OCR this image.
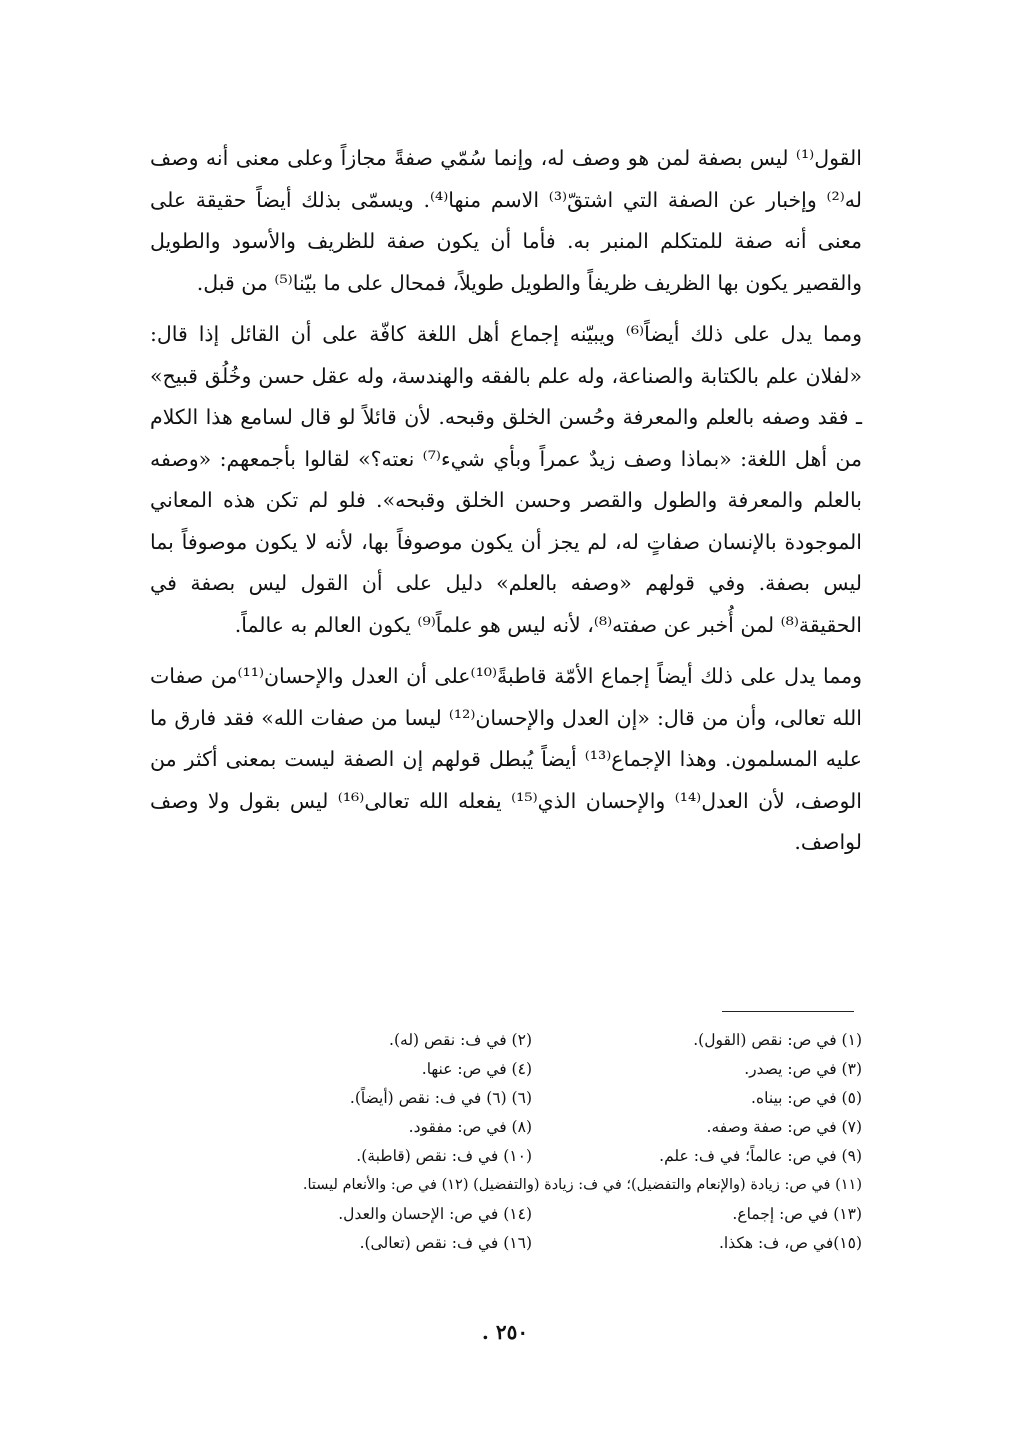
القول⁽¹⁾ ليس بصفة لمن هو وصف له، وإنما سُمّي صفةً مجازاً وعلى معنى أنه وصف له⁽²⁾ وإخبار عن الصفة التي اشتقّ⁽³⁾ الاسم منها⁽⁴⁾. ويسمّى بذلك أيضاً حقيقة على معنى أنه صفة للمتكلم المنبر به. فأما أن يكون صفة للظريف والأسود والطويل والقصير يكون بها الظريف ظريفاً والطويل طويلاً، فمحال على ما بيّنا⁽⁵⁾ من قبل.

ومما يدل على ذلك أيضاً⁽⁶⁾ ويبيّنه إجماع أهل اللغة كافّة على أن القائل إذا قال: «لفلان علم بالكتابة والصناعة، وله علم بالفقه والهندسة، وله عقل حسن وخُلُق قبيح» ـ فقد وصفه بالعلم والمعرفة وحُسن الخلق وقبحه. لأن قائلاً لو قال لسامع هذا الكلام من أهل اللغة: «بماذا وصف زيدٌ عمراً وبأي شيء⁽⁷⁾ نعته؟» لقالوا بأجمعهم: «وصفه بالعلم والمعرفة والطول والقصر وحسن الخلق وقبحه». فلو لم تكن هذه المعاني الموجودة بالإنسان صفاتٍ له، لم يجز أن يكون موصوفاً بها، لأنه لا يكون موصوفاً بما ليس بصفة. وفي قولهم «وصفه بالعلم» دليل على أن القول ليس بصفة في الحقيقة⁽⁸⁾ لمن أُخبر عن صفته⁽⁸⁾، لأنه ليس هو علماً⁽⁹⁾ يكون العالم به عالماً.

ومما يدل على ذلك أيضاً إجماع الأمّة قاطبةً⁽¹⁰⁾على أن العدل والإحسان⁽¹¹⁾من صفات الله تعالى، وأن من قال: «إن العدل والإحسان⁽¹²⁾ ليسا من صفات الله» فقد فارق ما عليه المسلمون. وهذا الإجماع⁽¹³⁾ أيضاً يُبطل قولهم إن الصفة ليست بمعنى أكثر من الوصف، لأن العدل⁽¹⁴⁾ والإحسان الذي⁽¹⁵⁾ يفعله الله تعالى⁽¹⁶⁾ ليس بقول ولا وصف لواصف.

(١) في ص: نقص (القول).
(٢) في ف: نقص (له).
(٣) في ص: يصدر.
(٤) في ص: عنها.
(٥) في ص: بيناه.
(٦) (٦) في ف: نقص (أيضاً).
(٧) في ص: صفة وصفه.
(٨) في ص: مفقود.
(٩) في ص: عالماً؛ في ف: علم.
(١٠) في ف: نقص (قاطبة).
(١١) في ص: زيادة (والإنعام والتفضيل)؛ في ف: زيادة (والتفضيل) (١٢) في ص: والأنعام ليستا.
(١٣) في ص: إجماع.
(١٤) في ص: الإحسان والعدل.
(١٥)في ص، ف: هكذا.
(١٦) في ف: نقص (تعالى).
٢٥٠ .
